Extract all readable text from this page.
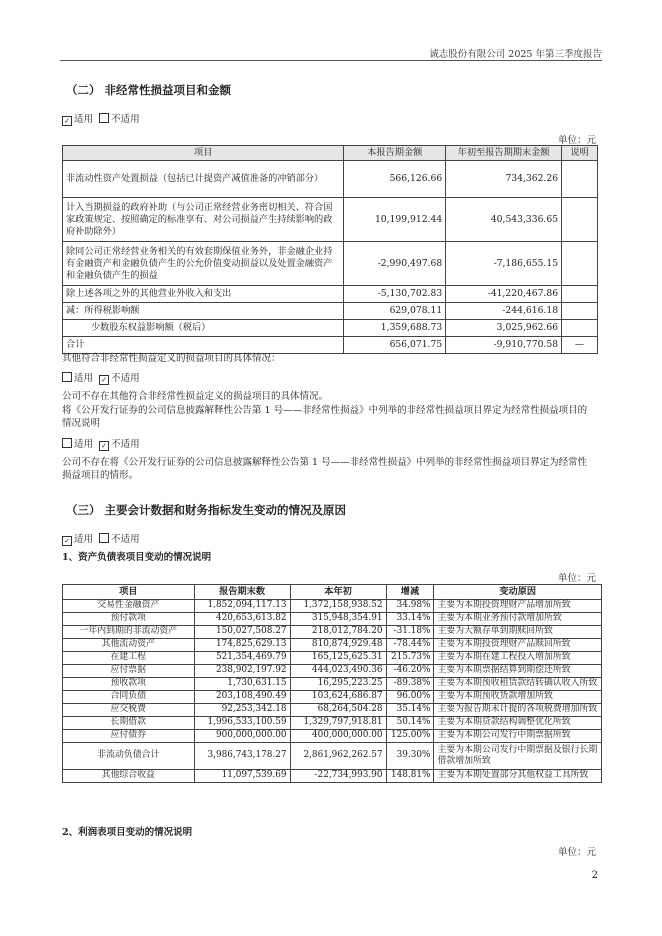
诚志股份有限公司 2025 年第三季度报告
（二） 非经常性损益项目和金额
✓ 适用 不适用
单位：元
项目	本报告期金额	年初至报告期期末金额	说明
非流动性资产处置损益（包括已计提资产减值准备的冲销部分）	566,126.66	734,362.26	
计入当期损益的政府补助（与公司正常经营业务密切相关、符合国家政策规定、按照确定的标准享有、对公司损益产生持续影响的政府补助除外）	10,199,912.44	40,543,336.65	
除同公司正常经营业务相关的有效套期保值业务外，非金融企业持有金融资产和金融负债产生的公允价值变动损益以及处置金融资产和金融负债产生的损益	-2,990,497.68	-7,186,655.15	
除上述各项之外的其他营业外收入和支出	-5,130,702.83	-41,220,467.86	
减：所得税影响额	629,078.11	-244,616.18	
少数股东权益影响额（税后）	1,359,688.73	3,025,962.66	
合计	656,071.75	-9,910,770.58	—
其他符合非经常性损益定义的损益项目的具体情况：
适用 ✓ 不适用
公司不存在其他符合非经常性损益定义的损益项目的具体情况。
将《公开发行证券的公司信息披露解释性公告第 1 号——非经常性损益》中列举的非经常性损益项目界定为经常性损益项目的情况说明
适用 ✓ 不适用
公司不存在将《公开发行证券的公司信息披露解释性公告第 1 号——非经常性损益》中列举的非经常性损益项目界定为经常性损益项目的情形。
（三） 主要会计数据和财务指标发生变动的情况及原因
✓ 适用 不适用
1、资产负债表项目变动的情况说明
单位：元
项目	报告期末数	本年初	增减	变动原因
交易性金融资产	1,852,094,117.13	1,372,158,938.52	34.98%	主要为本期投资理财产品增加所致
预付款项	420,653,613.82	315,948,354.91	33.14%	主要为本期业务预付款增加所致
一年内到期的非流动资产	150,027,508.27	218,012,784.20	-31.18%	主要为大额存单到期赎回所致
其他流动资产	174,825,629.13	810,874,929.48	-78.44%	主要为本期投资理财产品赎回所致
在建工程	521,354,469.79	165,125,625.31	215.73%	主要为本期在建工程投入增加所致
应付票据	238,902,197.92	444,023,490.36	-46.20%	主要为本期票据结算到期偿还所致
预收款项	1,730,631.15	16,295,223.25	-89.38%	主要为本期预收租赁款结转确认收入所致
合同负债	203,108,490.49	103,624,686.87	96.00%	主要为本期预收货款增加所致
应交税费	92,253,342.18	68,264,504.28	35.14%	主要为报告期末计提的各项税费增加所致
长期借款	1,996,533,100.59	1,329,797,918.81	50.14%	主要为本期贷款结构调整优化所致
应付债券	900,000,000.00	400,000,000.00	125.00%	主要为本期公司发行中期票据所致
非流动负债合计	3,986,743,178.27	2,861,962,262.57	39.30%	主要为本期公司发行中期票据及银行长期借款增加所致
其他综合收益	11,097,539.69	-22,734,993.90	148.81%	主要为本期处置部分其他权益工具所致
2、利润表项目变动的情况说明
单位：元
2
